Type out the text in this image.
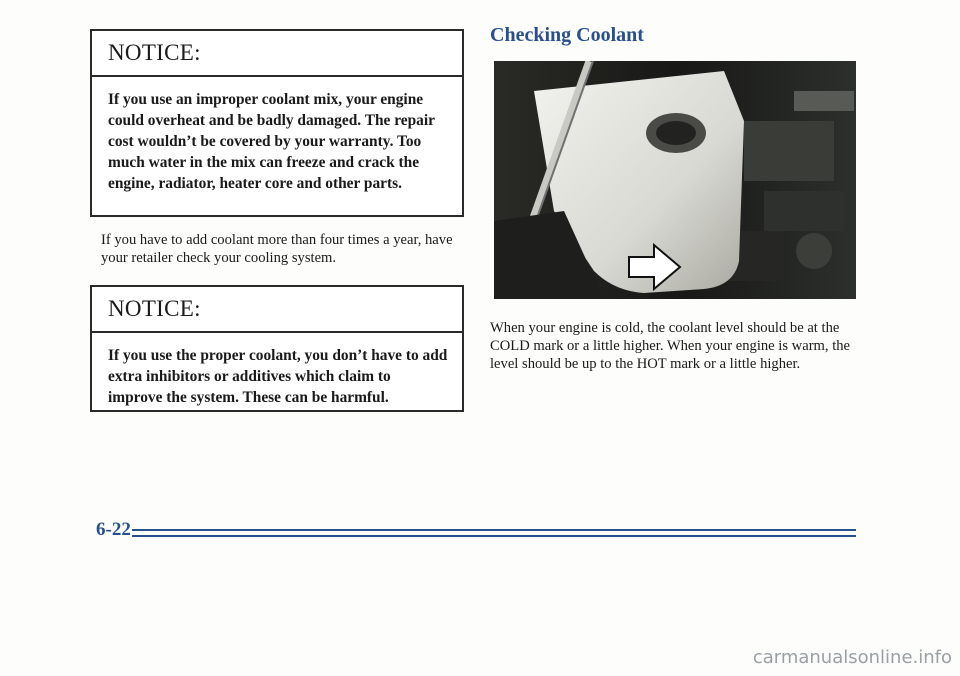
NOTICE:
If you use an improper coolant mix, your engine could overheat and be badly damaged. The repair cost wouldn’t be covered by your warranty. Too much water in the mix can freeze and crack the engine, radiator, heater core and other parts.
If you have to add coolant more than four times a year, have your retailer check your cooling system.
NOTICE:
If you use the proper coolant, you don’t have to add extra inhibitors or additives which claim to improve the system. These can be harmful.
Checking Coolant
When your engine is cold, the coolant level should be at the COLD mark or a little higher. When your engine is warm, the level should be up to the HOT mark or a little higher.
6-22
carmanualsonline.info
